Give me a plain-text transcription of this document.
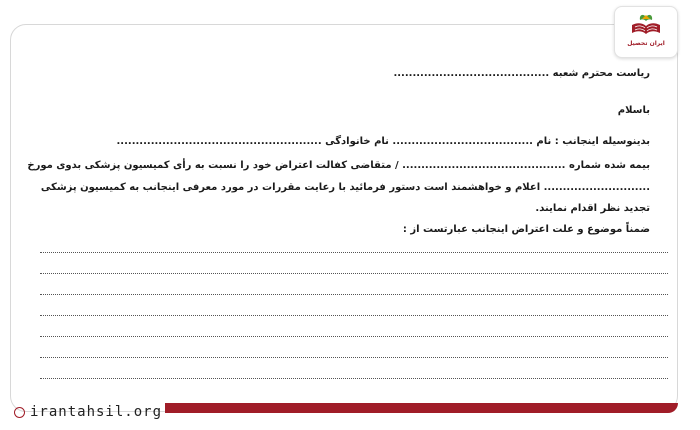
ایران تحصیل
ریاست محترم شعبه .........................................
باسلام
بدینوسیله اینجانب : نام ..................................... نام خانوادگی ......................................................
بیمه شده شماره ........................................... / متقاضی کفالت اعتراض خود را نسبت به رأی کمیسیون پزشکی بدوی مورخ
............................ اعلام و خواهشمند است دستور فرمائید با رعایت مقررات در مورد معرفی اینجانب به کمیسیون پزشکی
تجدید نظر اقدام نمایند.
ضمناً موضوع و علت اعتراض اینجانب عبارتست از :
irantahsil.org
